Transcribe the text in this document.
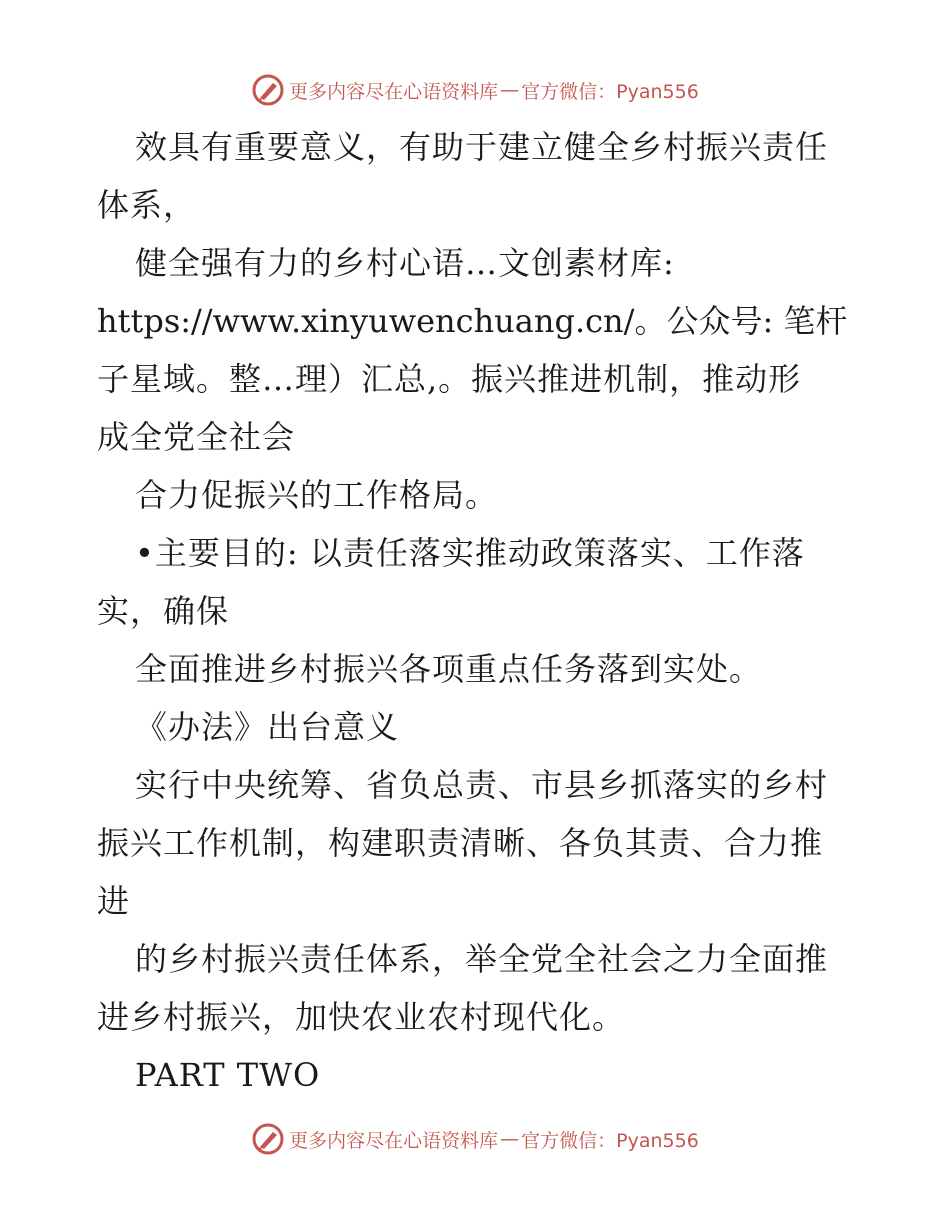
更多内容尽在心语资料库 — 官方微信：Pyan556
效具有重要意义，有助于建立健全乡村振兴责任
体系，
健全强有力的乡村心语…文创素材库:
https://www.xinyuwenchuang.cn/。公众号: 笔杆
子星域。整…理）汇总,。振兴推进机制，推动形
成全党全社会
合力促振兴的工作格局。
•主要目的: 以责任落实推动政策落实、工作落
实，确保
全面推进乡村振兴各项重点任务落到实处。
《办法》出台意义
实行中央统筹、省负总责、市县乡抓落实的乡村
振兴工作机制，构建职责清晰、各负其责、合力推
进
的乡村振兴责任体系，举全党全社会之力全面推
进乡村振兴，加快农业农村现代化。
PART TWO
更多内容尽在心语资料库 — 官方微信：Pyan556
